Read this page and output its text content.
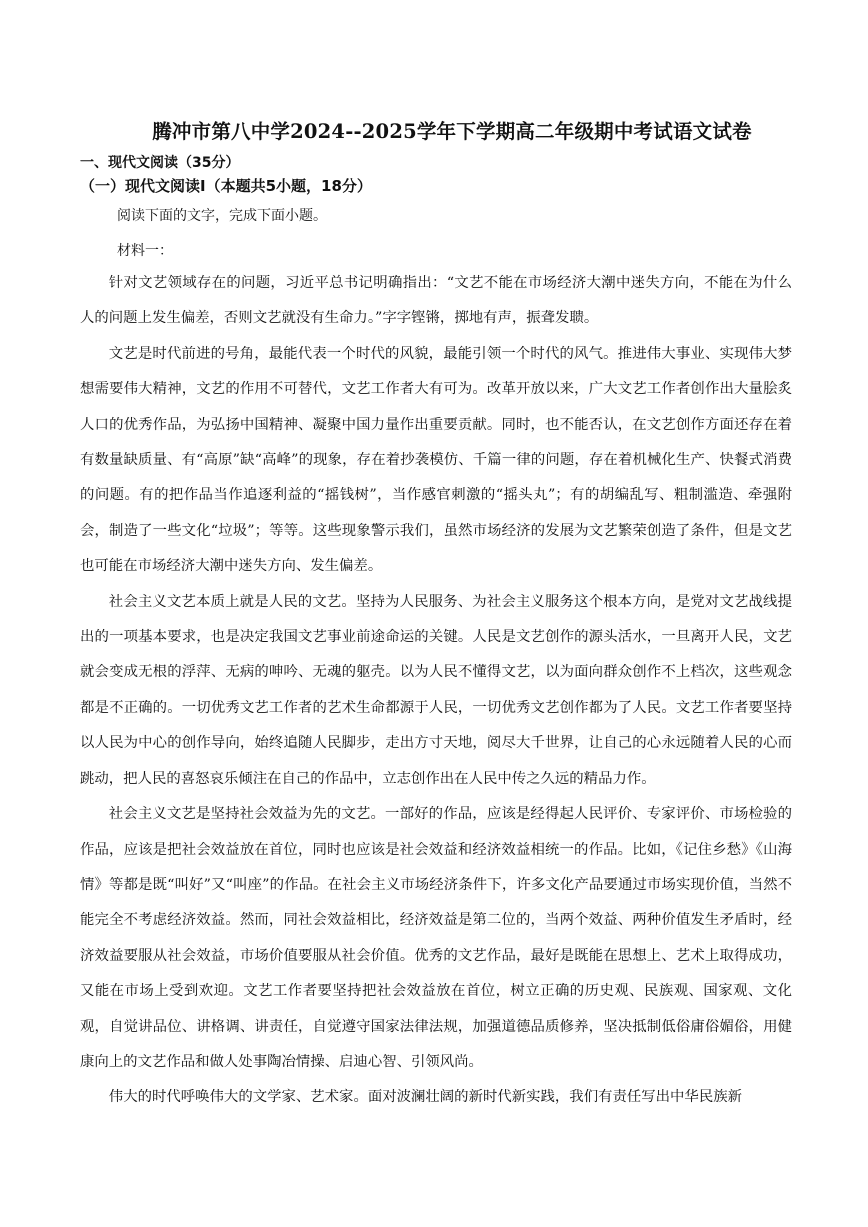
腾冲市第八中学2024--2025学年下学期高二年级期中考试语文试卷
一、现代文阅读（35分）
（一）现代文阅读I（本题共5小题，18分）
阅读下面的文字，完成下面小题。
材料一：

针对文艺领域存在的问题，习近平总书记明确指出：“文艺不能在市场经济大潮中迷失方向，不能在为什么人的问题上发生偏差，否则文艺就没有生命力。”字字铿锵，掷地有声，振聋发聩。

文艺是时代前进的号角，最能代表一个时代的风貌，最能引领一个时代的风气。推进伟大事业、实现伟大梦想需要伟大精神，文艺的作用不可替代，文艺工作者大有可为。改革开放以来，广大文艺工作者创作出大量脍炙人口的优秀作品，为弘扬中国精神、凝聚中国力量作出重要贡献。同时，也不能否认，在文艺创作方面还存在着有数量缺质量、有“高原”缺“高峰”的现象，存在着抄袭模仿、千篇一律的问题，存在着机械化生产、快餐式消费的问题。有的把作品当作追逐利益的“摇钱树”，当作感官刺激的“摇头丸”；有的胡编乱写、粗制滥造、牵强附会，制造了一些文化“垃圾”；等等。这些现象警示我们，虽然市场经济的发展为文艺繁荣创造了条件，但是文艺也可能在市场经济大潮中迷失方向、发生偏差。

社会主义文艺本质上就是人民的文艺。坚持为人民服务、为社会主义服务这个根本方向，是党对文艺战线提出的一项基本要求，也是决定我国文艺事业前途命运的关键。人民是文艺创作的源头活水，一旦离开人民，文艺就会变成无根的浮萍、无病的呻吟、无魂的躯壳。以为人民不懂得文艺，以为面向群众创作不上档次，这些观念都是不正确的。一切优秀文艺工作者的艺术生命都源于人民，一切优秀文艺创作都为了人民。文艺工作者要坚持以人民为中心的创作导向，始终追随人民脚步，走出方寸天地，阅尽大千世界，让自己的心永远随着人民的心而跳动，把人民的喜怒哀乐倾注在自己的作品中，立志创作出在人民中传之久远的精品力作。

社会主义文艺是坚持社会效益为先的文艺。一部好的作品，应该是经得起人民评价、专家评价、市场检验的作品，应该是把社会效益放在首位，同时也应该是社会效益和经济效益相统一的作品。比如，《记住乡愁》《山海情》等都是既“叫好”又“叫座”的作品。在社会主义市场经济条件下，许多文化产品要通过市场实现价值，当然不能完全不考虑经济效益。然而，同社会效益相比，经济效益是第二位的，当两个效益、两种价值发生矛盾时，经济效益要服从社会效益，市场价值要服从社会价值。优秀的文艺作品，最好是既能在思想上、艺术上取得成功，又能在市场上受到欢迎。文艺工作者要坚持把社会效益放在首位，树立正确的历史观、民族观、国家观、文化观，自觉讲品位、讲格调、讲责任，自觉遵守国家法律法规，加强道德品质修养，坚决抵制低俗庸俗媚俗，用健康向上的文艺作品和做人处事陶冶情操、启迪心智、引领风尚。

伟大的时代呼唤伟大的文学家、艺术家。面对波澜壮阔的新时代新实践，我们有责任写出中华民族新
